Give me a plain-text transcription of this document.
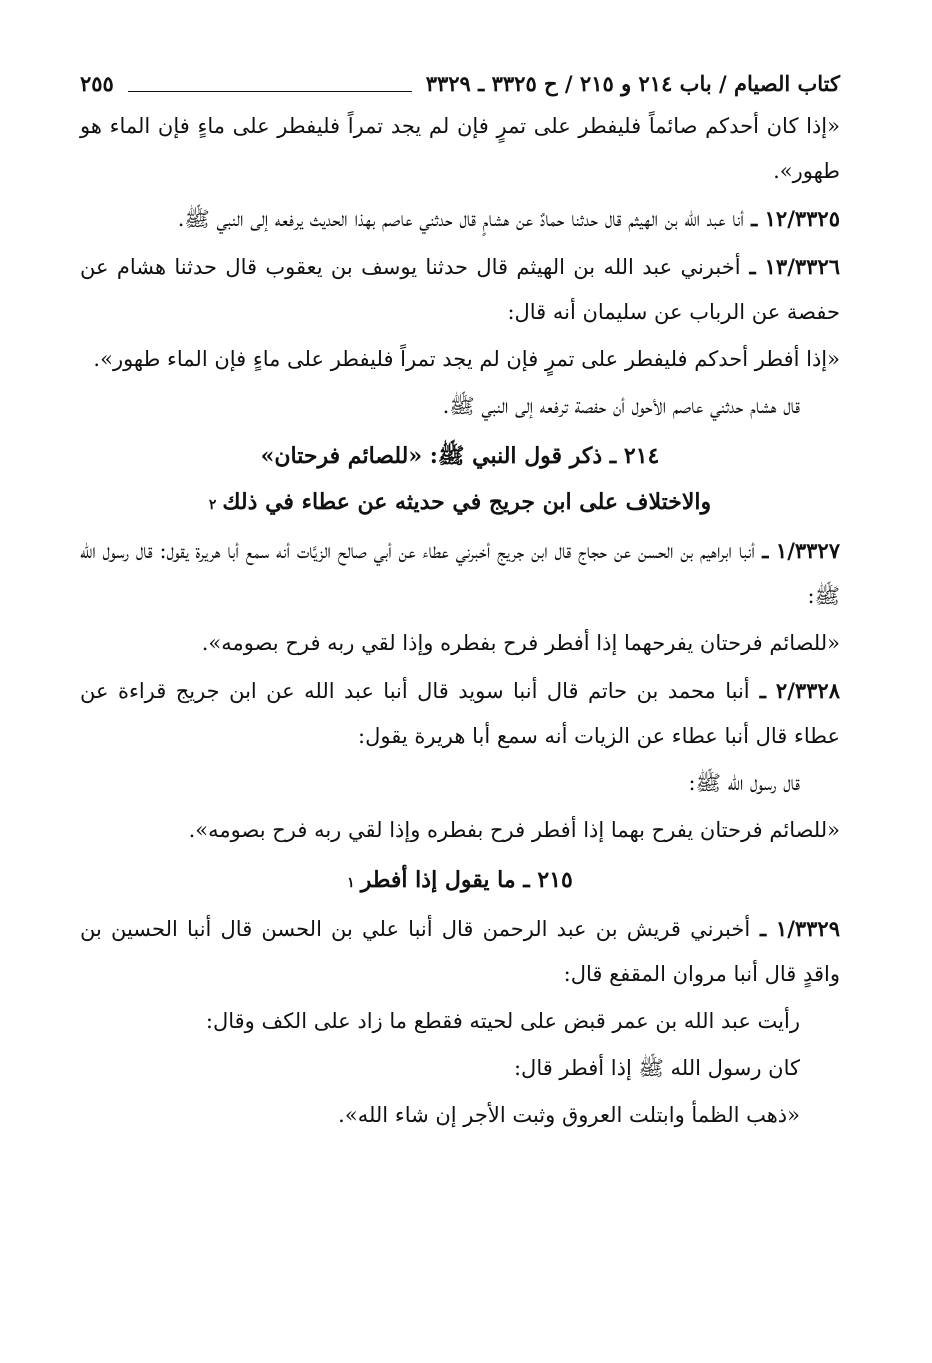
كتاب الصيام / باب ٢١٤ و ٢١٥ / ح ٣٣٢٥ ـ ٣٣٢٩
٢٥٥

«إذا كان أحدكم صائماً فليفطر على تمرٍ فإن لم يجد تمراً فليفطر على ماءٍ فإن الماء هو طهور».

١٢/٣٣٢٥ ـ أنا عبد الله بن الهيثم قال حدثنا حمادٌ عن هشامٍ قال حدثني عاصم بهذا الحديث يرفعه إلى النبي ﷺ.

١٣/٣٣٢٦ ـ أخبرني عبد الله بن الهيثم قال حدثنا يوسف بن يعقوب قال حدثنا هشام عن حفصة عن الرباب عن سليمان أنه قال:

«إذا أفطر أحدكم فليفطر على تمرٍ فإن لم يجد تمراً فليفطر على ماءٍ فإن الماء طهور».

قال هشام حدثني عاصم الأحول أن حفصة ترفعه إلى النبي ﷺ.

٢١٤ ـ ذكر قول النبي ﷺ: «للصائم فرحتان»
والاختلاف على ابن جريج في حديثه عن عطاء في ذلك٢

١/٣٣٢٧ ـ أنبا ابراهيم بن الحسن عن حجاج قال ابن جريج أخبرني عطاء عن أبي صالح الزيَّات أنه سمع أبا هريرة يقول: قال رسول الله ﷺ:

«للصائم فرحتان يفرحهما إذا أفطر فرح بفطره وإذا لقي ربه فرح بصومه».

٢/٣٣٢٨ ـ أنبا محمد بن حاتم قال أنبا سويد قال أنبا عبد الله عن ابن جريج قراءة عن عطاء قال أنبا عطاء عن الزيات أنه سمع أبا هريرة يقول:

قال رسول الله ﷺ:

«للصائم فرحتان يفرح بهما إذا أفطر فرح بفطره وإذا لقي ربه فرح بصومه».

٢١٥ ـ ما يقول إذا أفطر١

١/٣٣٢٩ ـ أخبرني قريش بن عبد الرحمن قال أنبا علي بن الحسن قال أنبا الحسين بن واقدٍ قال أنبا مروان المقفع قال:

رأيت عبد الله بن عمر قبض على لحيته فقطع ما زاد على الكف وقال:

كان رسول الله ﷺ إذا أفطر قال:

«ذهب الظمأ وابتلت العروق وثبت الأجر إن شاء الله».
